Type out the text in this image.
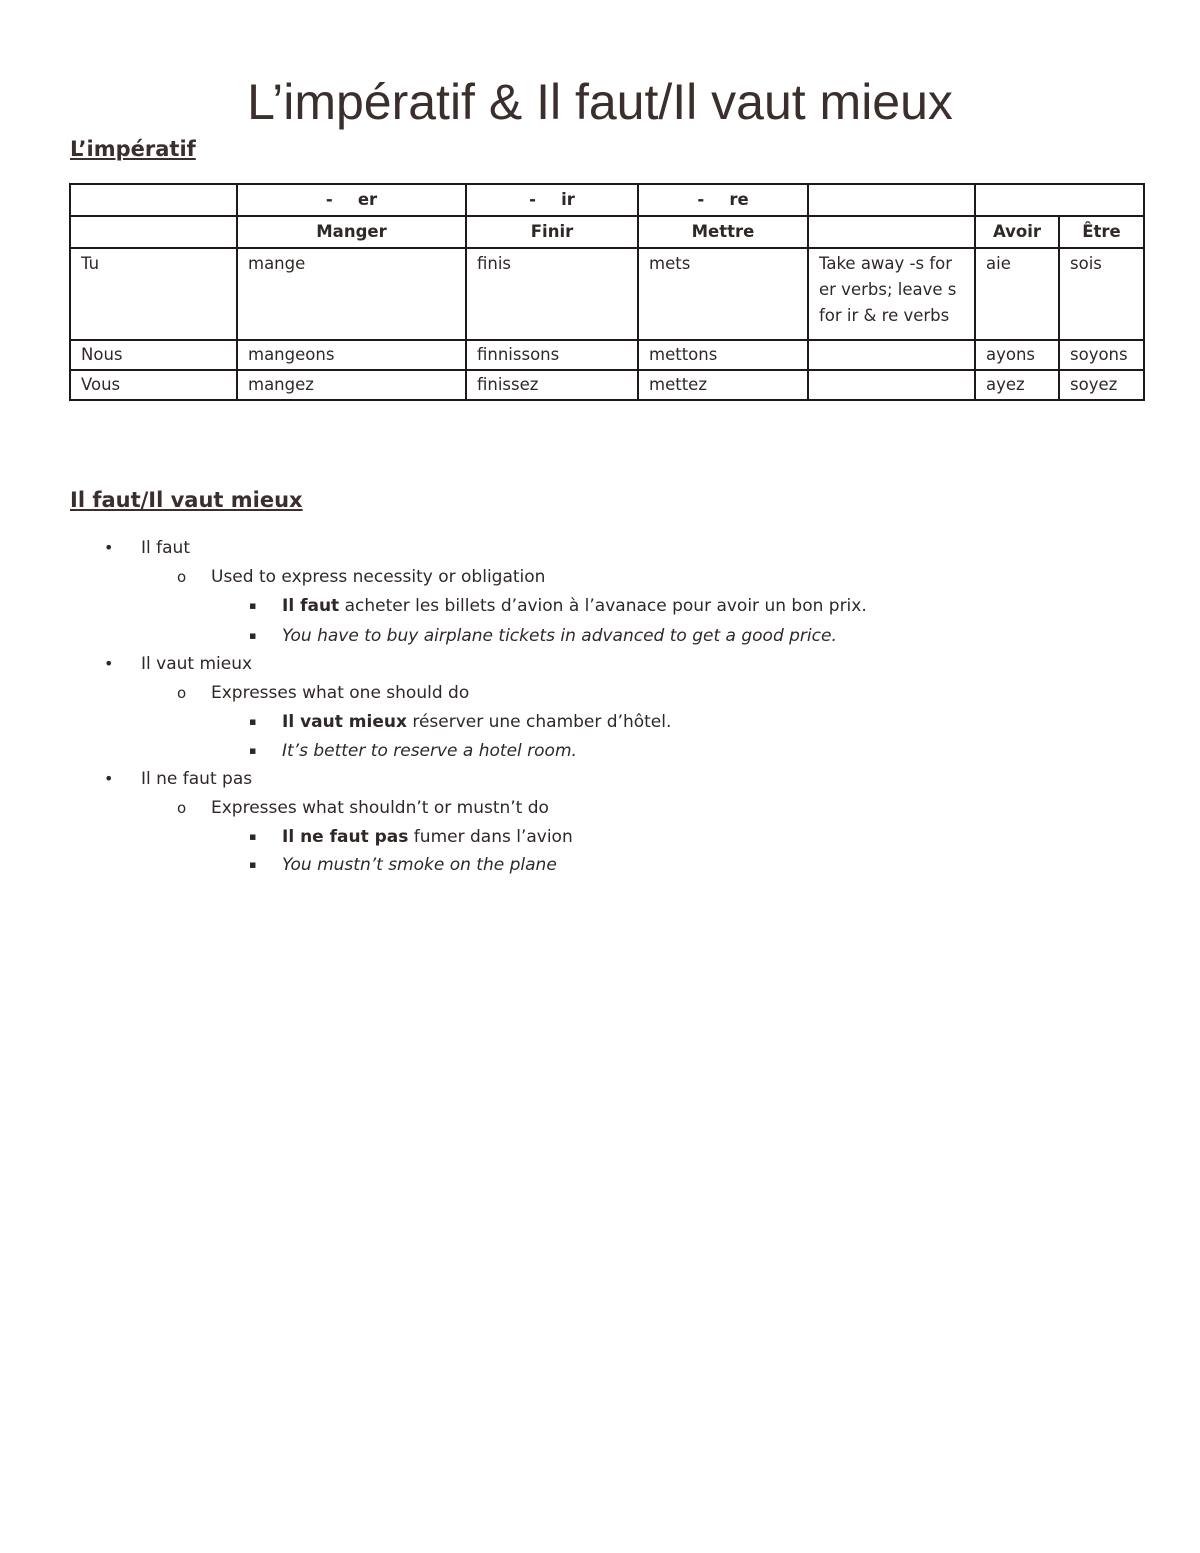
L’impératif & Il faut/Il vaut mieux
L’impératif
	- er	- ir	- re			
	Manger	Finir	Mettre		Avoir	Être
Tu	mange	finis	mets	Take away -s for er verbs; leave s for ir & re verbs	aie	sois
Nous	mangeons	finnissons	mettons		ayons	soyons
Vous	mangez	finissez	mettez		ayez	soyez
Il faut/Il vaut mieux
• Il faut
o Used to express necessity or obligation
▪ Il faut acheter les billets d’avion à l’avanace pour avoir un bon prix.
▪ You have to buy airplane tickets in advanced to get a good price.
• Il vaut mieux
o Expresses what one should do
▪ Il vaut mieux réserver une chamber d’hôtel.
▪ It’s better to reserve a hotel room.
• Il ne faut pas
o Expresses what shouldn’t or mustn’t do
▪ Il ne faut pas fumer dans l’avion
▪ You mustn’t smoke on the plane
